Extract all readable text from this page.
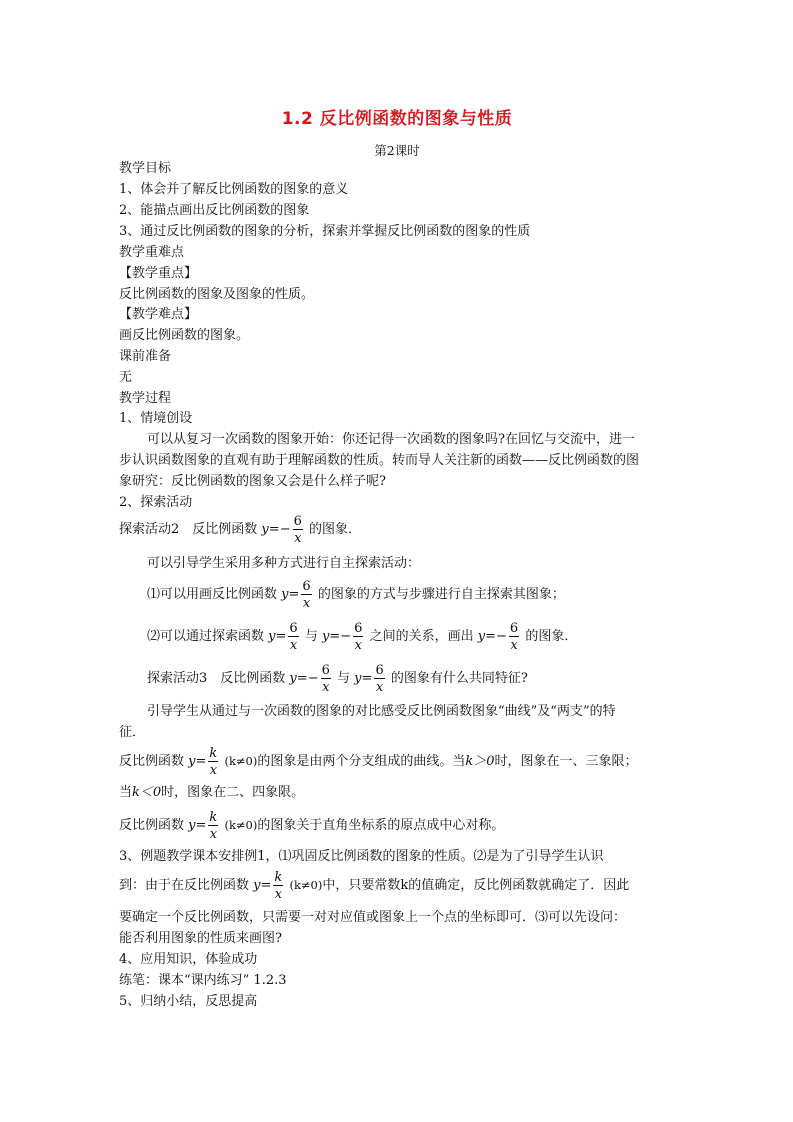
1.2 反比例函数的图象与性质
第2课时
教学目标
1、体会并了解反比例函数的图象的意义
2、能描点画出反比例函数的图象
3、通过反比例函数的图象的分析，探索并掌握反比例函数的图象的性质
教学重难点
【教学重点】
反比例函数的图象及图象的性质。
【教学难点】
画反比例函数的图象。
课前准备
无
教学过程
1、情境创设
可以从复习一次函数的图象开始：你还记得一次函数的图象吗?在回忆与交流中，进一
步认识函数图象的直观有助于理解函数的性质。转而导人关注新的函数——反比例函数的图
象研究：反比例函数的图象又会是什么样子呢?
2、探索活动
探索活动2　反比例函数 $y=- \frac{6}{x}$ 的图象．
可以引导学生采用多种方式进行自主探索活动：
⑴可以用画反比例函数 $y= \frac{6}{x}$ 的图象的方式与步骤进行自主探索其图象；
⑵可以通过探索函数 $y= \frac{6}{x}$ 与 $y=- \frac{6}{x}$ 之间的关系，画出 $y=- \frac{6}{x}$ 的图象．
探索活动3　反比例函数 $y=- \frac{6}{x}$ 与 $y= \frac{6}{x}$ 的图象有什么共同特征?
引导学生从通过与一次函数的图象的对比感受反比例函数图象“曲线”及“两支”的特
征．
反比例函数 $y= \frac{k}{x} (k\ne 0)$的图象是由两个分支组成的曲线。当k＞0时，图象在一、三象限；
当k＜0时，图象在二、四象限。
反比例函数 $y= \frac{k}{x} (k\ne 0)$的图象关于直角坐标系的原点成中心对称。
3、例题教学课本安排例1，⑴巩固反比例函数的图象的性质。⑵是为了引导学生认识
到：由于在反比例函数 $y= \frac{k}{x} (k\ne 0)$中，只要常数k的值确定，反比例函数就确定了．因此
要确定一个反比例函数，只需要一对对应值或图象上一个点的坐标即可．⑶可以先设问：
能否利用图象的性质来画图?
4、应用知识，体验成功
练笔：课本“课内练习” 1.2.3
5、归纳小结，反思提高
